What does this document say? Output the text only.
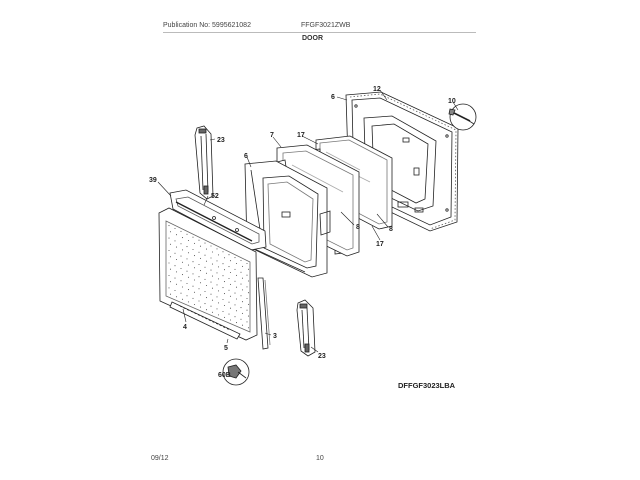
Publication No: 5995621082	FFGF3021ZWB
DOOR
6
12
10
7	17
23
6
39
52
8	8
17
3
4
5
23
60B
DFFGF3023LBA
09/12	10
